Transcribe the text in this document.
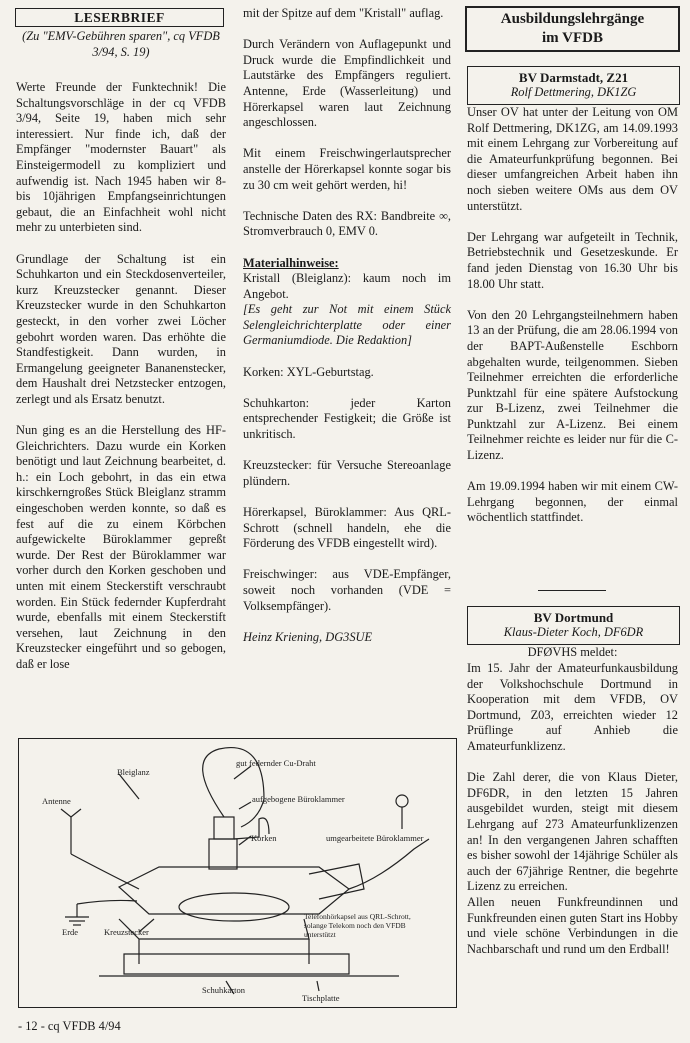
LESERBRIEF
(Zu "EMV-Gebühren sparen", cq VFDB 3/94, S. 19)

Werte Freunde der Funktechnik! Die Schaltungsvorschläge in der cq VFDB 3/94, Seite 19, haben mich sehr interessiert. Nur finde ich, daß der Empfänger "modernster Bauart" als Einsteigermodell zu kompliziert und aufwendig ist. Nach 1945 haben wir 8- bis 10jährigen Empfangseinrichtungen gebaut, die an Einfachheit wohl nicht mehr zu unterbieten sind.

Grundlage der Schaltung ist ein Schuhkarton und ein Steckdosenverteiler, kurz Kreuzstecker genannt. Dieser Kreuzstecker wurde in den Schuhkarton gesteckt, in den vorher zwei Löcher gebohrt worden waren. Das erhöhte die Standfestigkeit. Dann wurden, in Ermangelung geeigneter Bananenstecker, dem Haushalt drei Netzstecker entzogen, zerlegt und als Ersatz benutzt.

Nun ging es an die Herstellung des HF-Gleichrichters. Dazu wurde ein Korken benötigt und laut Zeichnung bearbeitet, d. h.: ein Loch gebohrt, in das ein etwa kirschkerngroßes Stück Bleiglanz stramm eingeschoben werden konnte, so daß es fest auf die zu einem Körbchen aufgewickelte Büroklammer gepreßt wurde. Der Rest der Büroklammer war vorher durch den Korken geschoben und unten mit einem Steckerstift verschraubt worden. Ein Stück federnder Kupferdraht wurde, ebenfalls mit einem Steckerstift versehen, laut Zeichnung in den Kreuzstecker eingeführt und so gebogen, daß er lose

mit der Spitze auf dem "Kristall" auflag.

Durch Verändern von Auflagepunkt und Druck wurde die Empfindlichkeit und Lautstärke des Empfängers reguliert. Antenne, Erde (Wasserleitung) und Hörerkapsel waren laut Zeichnung angeschlossen.

Mit einem Freischwingerlautsprecher anstelle der Hörerkapsel konnte sogar bis zu 30 cm weit gehört werden, hi!

Technische Daten des RX: Bandbreite ∞, Stromverbrauch 0, EMV 0.

Materialhinweise:

Kristall (Bleiglanz): kaum noch im Angebot.

[Es geht zur Not mit einem Stück Selengleichrichterplatte oder einer Germaniumdiode. Die Redaktion]

Korken: XYL-Geburtstag.

Schuhkarton: jeder Karton entsprechender Festigkeit; die Größe ist unkritisch.

Kreuzstecker: für Versuche Stereoanlage plündern.

Hörerkapsel, Büroklammer: Aus QRL-Schrott (schnell handeln, ehe die Förderung des VFDB eingestellt wird).

Freischwinger: aus VDE-Empfänger, soweit noch vorhanden (VDE = Volksempfänger).

Heinz Kriening, DG3SUE

gut federnder Cu-Draht
Bleiglanz
Antenne	aufgebogene Büroklammer
Korken	umgearbeitete Büroklammer
Erde	Kreuzstecker
Telefonhörkapsel aus QRL-Schrott,
solange Telekom noch den VFDB
unterstützt
Schuhkarton
Tischplatte
- 12 - cq VFDB 4/94
Ausbildungslehrgänge
im VFDB
BV Darmstadt, Z21
Rolf Dettmering, DK1ZG

Unser OV hat unter der Leitung von OM Rolf Dettmering, DK1ZG, am 14.09.1993 mit einem Lehrgang zur Vorbereitung auf die Amateurfunkprüfung begonnen. Bei dieser umfangreichen Arbeit haben ihn noch sieben weitere OMs aus dem OV unterstützt.

Der Lehrgang war aufgeteilt in Technik, Betriebstechnik und Gesetzeskunde. Er fand jeden Dienstag von 16.30 Uhr bis 18.00 Uhr statt.

Von den 20 Lehrgangsteilnehmern haben 13 an der Prüfung, die am 28.06.1994 von der BAPT-Außenstelle Eschborn abgehalten wurde, teilgenommen. Sieben Teilnehmer erreichten die erforderliche Punktzahl für eine spätere Aufstockung zur B-Lizenz, zwei Teilnehmer die Punktzahl zur A-Lizenz. Bei einem Teilnehmer reichte es leider nur für die C-Lizenz.

Am 19.09.1994 haben wir mit einem CW-Lehrgang begonnen, der einmal wöchentlich stattfindet.

BV Dortmund
Klaus-Dieter Koch, DF6DR
DFØVHS meldet:

Im 15. Jahr der Amateurfunkausbildung der Volkshochschule Dortmund in Kooperation mit dem VFDB, OV Dortmund, Z03, erreichten wieder 12 Prüflinge auf Anhieb die Amateurfunklizenz.

Die Zahl derer, die von Klaus Dieter, DF6DR, in den letzten 15 Jahren ausgebildet wurden, steigt mit diesem Lehrgang auf 273 Amateurfunklizenzen an! In den vergangenen Jahren schafften es bisher sowohl der 14jährige Schüler als auch der 67jährige Rentner, die begehrte Lizenz zu erreichen.

Allen neuen Funkfreundinnen und Funkfreunden einen guten Start ins Hobby und viele schöne Verbindungen in die Nachbarschaft und rund um den Erdball!
